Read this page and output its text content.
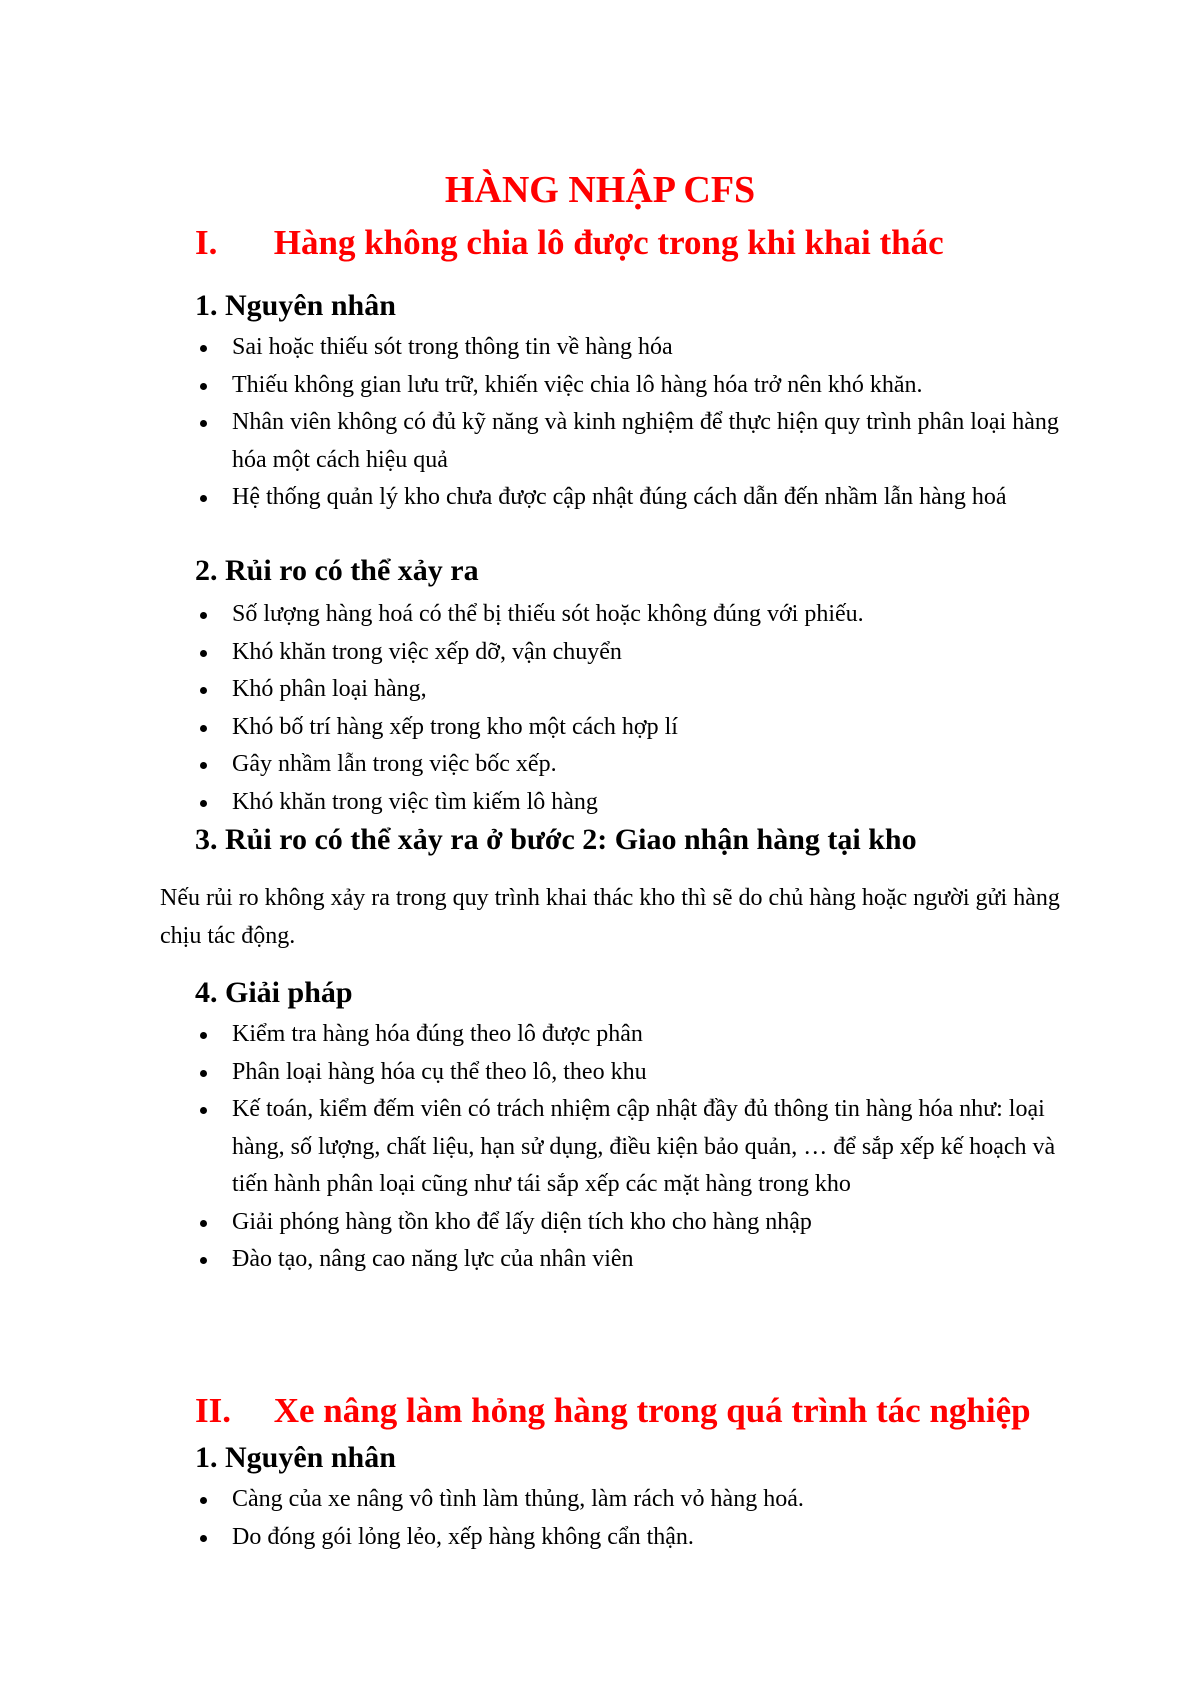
HÀNG NHẬP CFS
I. Hàng không chia lô được trong khi khai thác
1. Nguyên nhân
Sai hoặc thiếu sót trong thông tin về hàng hóa
Thiếu không gian lưu trữ, khiến việc chia lô hàng hóa trở nên khó khăn.
Nhân viên không có đủ kỹ năng và kinh nghiệm để thực hiện quy trình phân loại hàng hóa một cách hiệu quả
Hệ thống quản lý kho chưa được cập nhật đúng cách dẫn đến nhầm lẫn hàng hoá
2. Rủi ro có thể xảy ra
Số lượng hàng hoá có thể bị thiếu sót hoặc không đúng với phiếu.
Khó khăn trong việc xếp dỡ, vận chuyển
Khó phân loại hàng,
Khó bố trí hàng xếp trong kho một cách hợp lí
Gây nhầm lẫn trong việc bốc xếp.
Khó khăn trong việc tìm kiếm lô hàng
3. Rủi ro có thể xảy ra ở bước 2: Giao nhận hàng tại kho

Nếu rủi ro không xảy ra trong quy trình khai thác kho thì sẽ do chủ hàng hoặc người gửi hàng chịu tác động.

4. Giải pháp
Kiểm tra hàng hóa đúng theo lô được phân
Phân loại hàng hóa cụ thể theo lô, theo khu
Kế toán, kiểm đếm viên có trách nhiệm cập nhật đầy đủ thông tin hàng hóa như: loại hàng, số lượng, chất liệu, hạn sử dụng, điều kiện bảo quản, … để sắp xếp kế hoạch và tiến hành phân loại cũng như tái sắp xếp các mặt hàng trong kho
Giải phóng hàng tồn kho để lấy diện tích kho cho hàng nhập
Đào tạo, nâng cao năng lực của nhân viên
II. Xe nâng làm hỏng hàng trong quá trình tác nghiệp
1. Nguyên nhân
Càng của xe nâng vô tình làm thủng, làm rách vỏ hàng hoá.
Do đóng gói lỏng lẻo, xếp hàng không cẩn thận.
